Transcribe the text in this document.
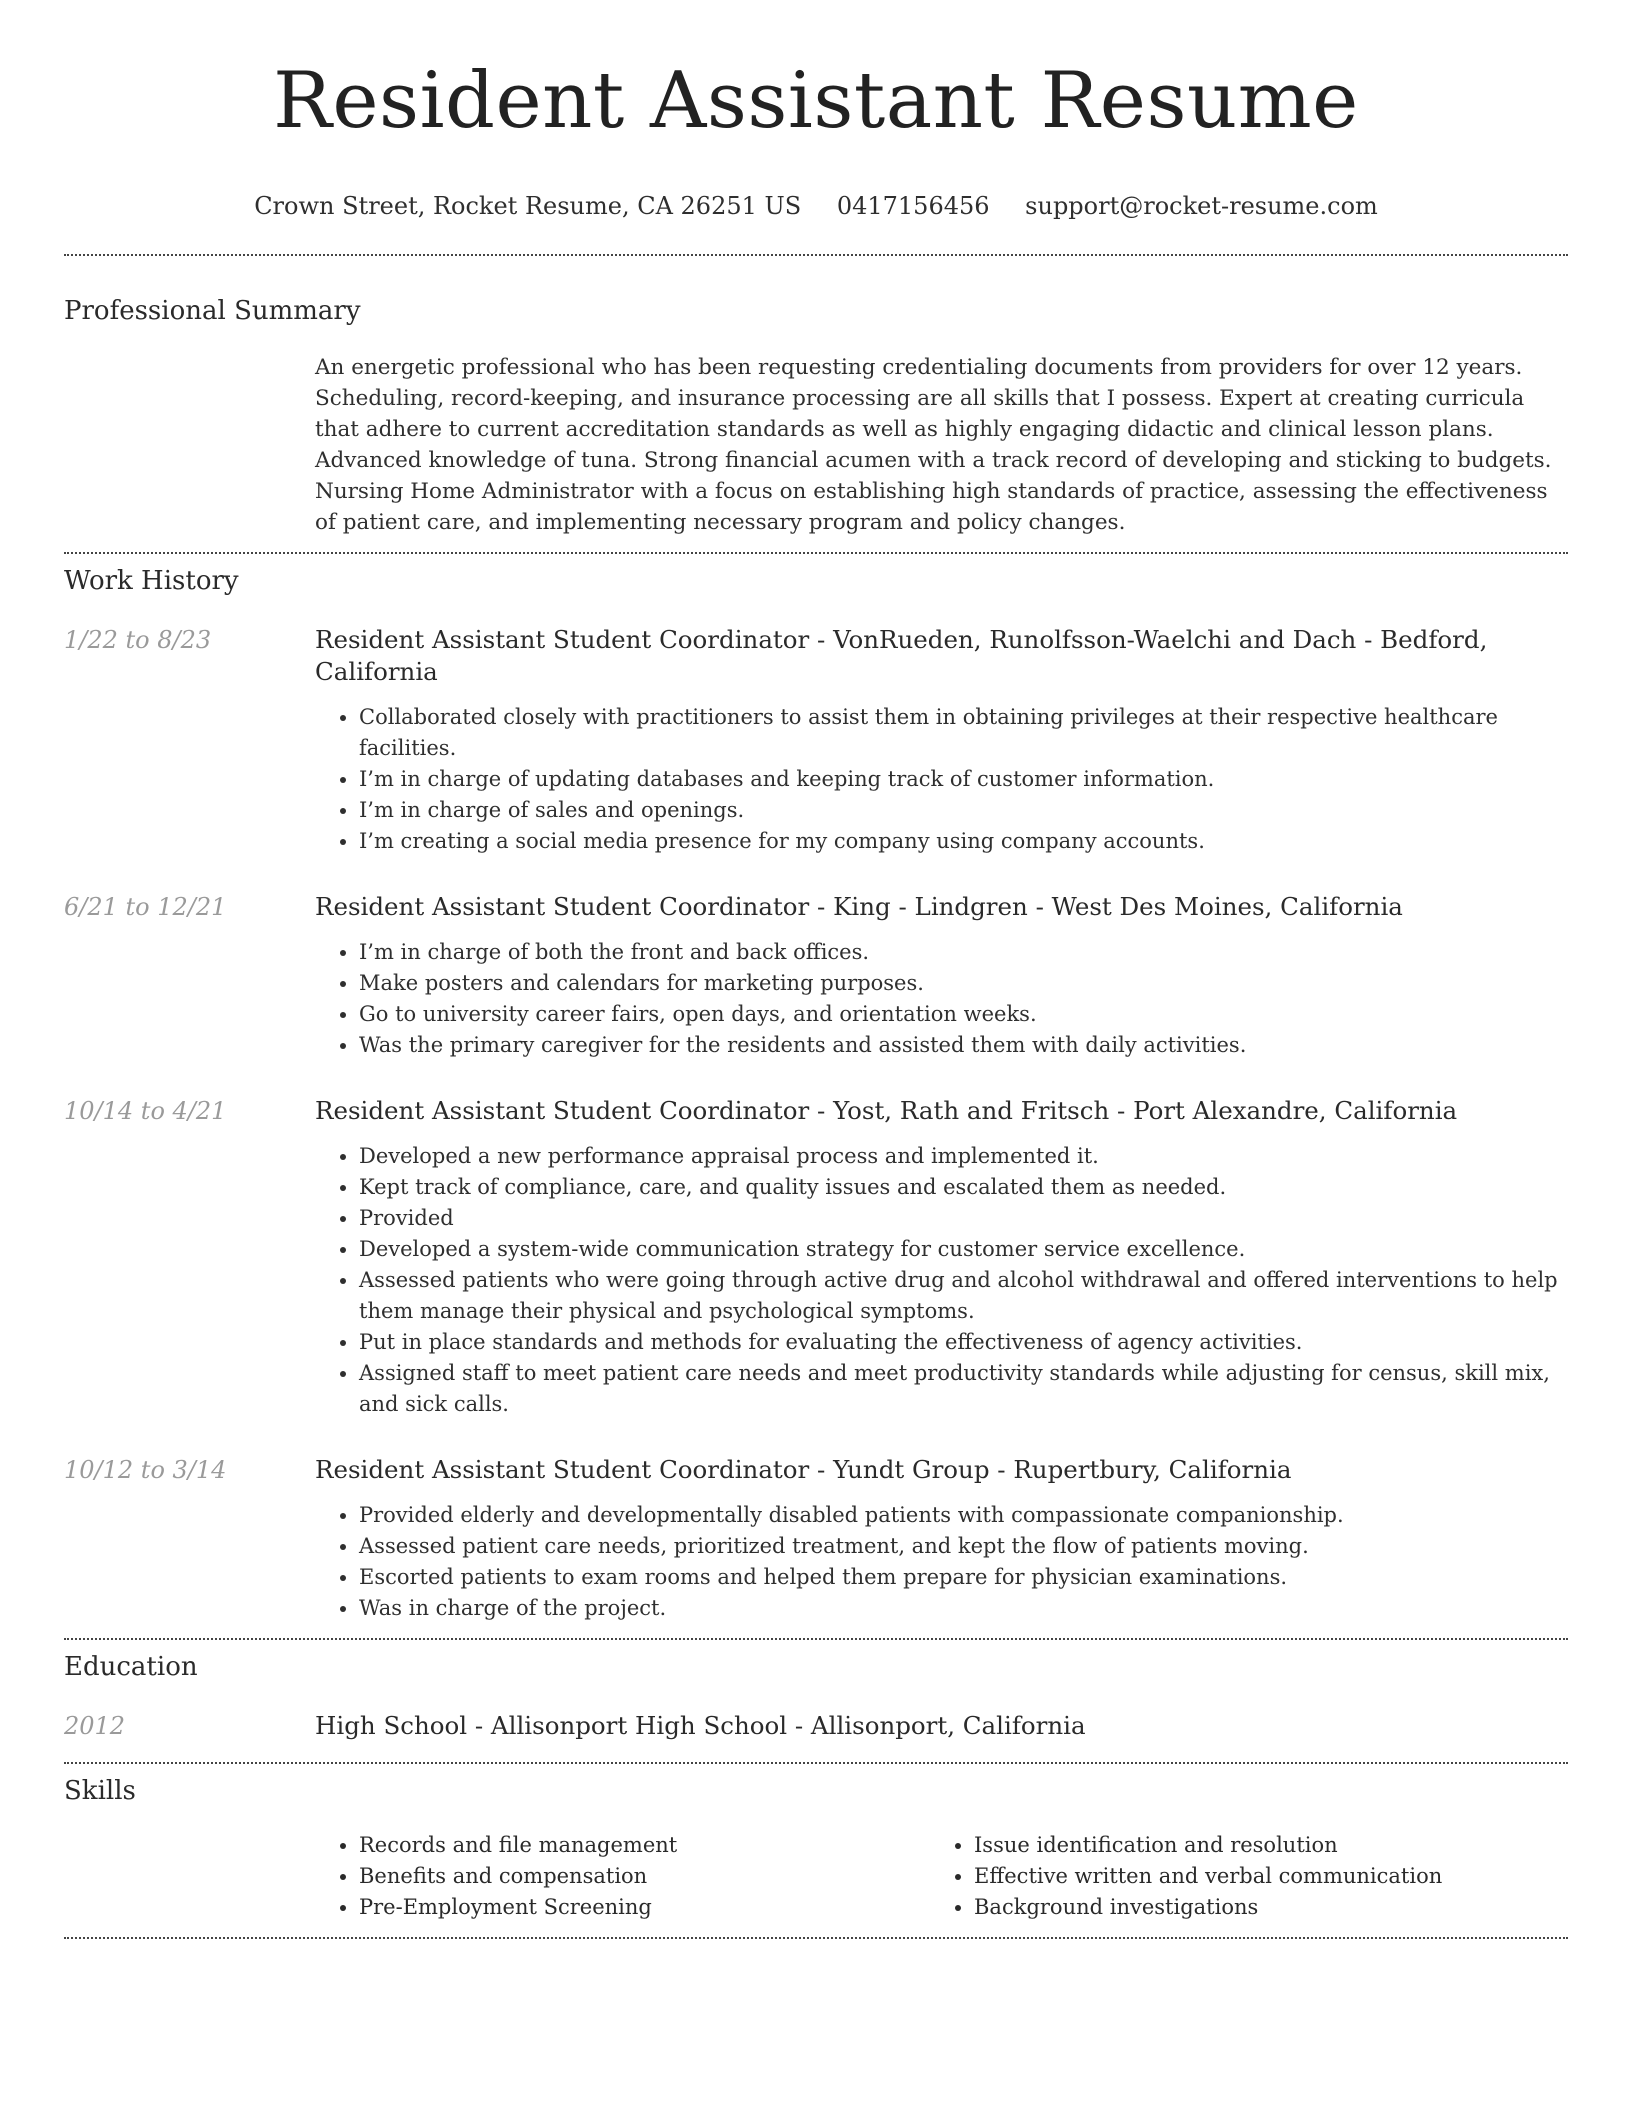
Resident Assistant Resume
Crown Street, Rocket Resume, CA 26251 US 0417156456 support@rocket-resume.com
Professional Summary

An energetic professional who has been requesting credentialing documents from providers for over 12 years. Scheduling, record-keeping, and insurance processing are all skills that I possess. Expert at creating curricula that adhere to current accreditation standards as well as highly engaging didactic and clinical lesson plans. Advanced knowledge of tuna. Strong financial acumen with a track record of developing and sticking to budgets. Nursing Home Administrator with a focus on establishing high standards of practice, assessing the effectiveness of patient care, and implementing necessary program and policy changes.

Work History
1/22 to 8/23	Resident Assistant Student Coordinator - VonRueden, Runolfsson-Waelchi and Dach - Bedford, California
• Collaborated closely with practitioners to assist them in obtaining privileges at their respective healthcare facilities.
• I’m in charge of updating databases and keeping track of customer information.
• I’m in charge of sales and openings.
• I’m creating a social media presence for my company using company accounts.
6/21 to 12/21	Resident Assistant Student Coordinator - King - Lindgren - West Des Moines, California
• I’m in charge of both the front and back offices.
• Make posters and calendars for marketing purposes.
• Go to university career fairs, open days, and orientation weeks.
• Was the primary caregiver for the residents and assisted them with daily activities.
10/14 to 4/21	Resident Assistant Student Coordinator - Yost, Rath and Fritsch - Port Alexandre, California
• Developed a new performance appraisal process and implemented it.
• Kept track of compliance, care, and quality issues and escalated them as needed.
• Provided
• Developed a system-wide communication strategy for customer service excellence.
• Assessed patients who were going through active drug and alcohol withdrawal and offered interventions to help them manage their physical and psychological symptoms.
• Put in place standards and methods for evaluating the effectiveness of agency activities.
• Assigned staff to meet patient care needs and meet productivity standards while adjusting for census, skill mix, and sick calls.
10/12 to 3/14	Resident Assistant Student Coordinator - Yundt Group - Rupertbury, California
• Provided elderly and developmentally disabled patients with compassionate companionship.
• Assessed patient care needs, prioritized treatment, and kept the flow of patients moving.
• Escorted patients to exam rooms and helped them prepare for physician examinations.
• Was in charge of the project.
Education
2012	High School - Allisonport High School - Allisonport, California
Skills
• Records and file management
• Benefits and compensation
• Pre-Employment Screening
• Issue identification and resolution
• Effective written and verbal communication
• Background investigations
